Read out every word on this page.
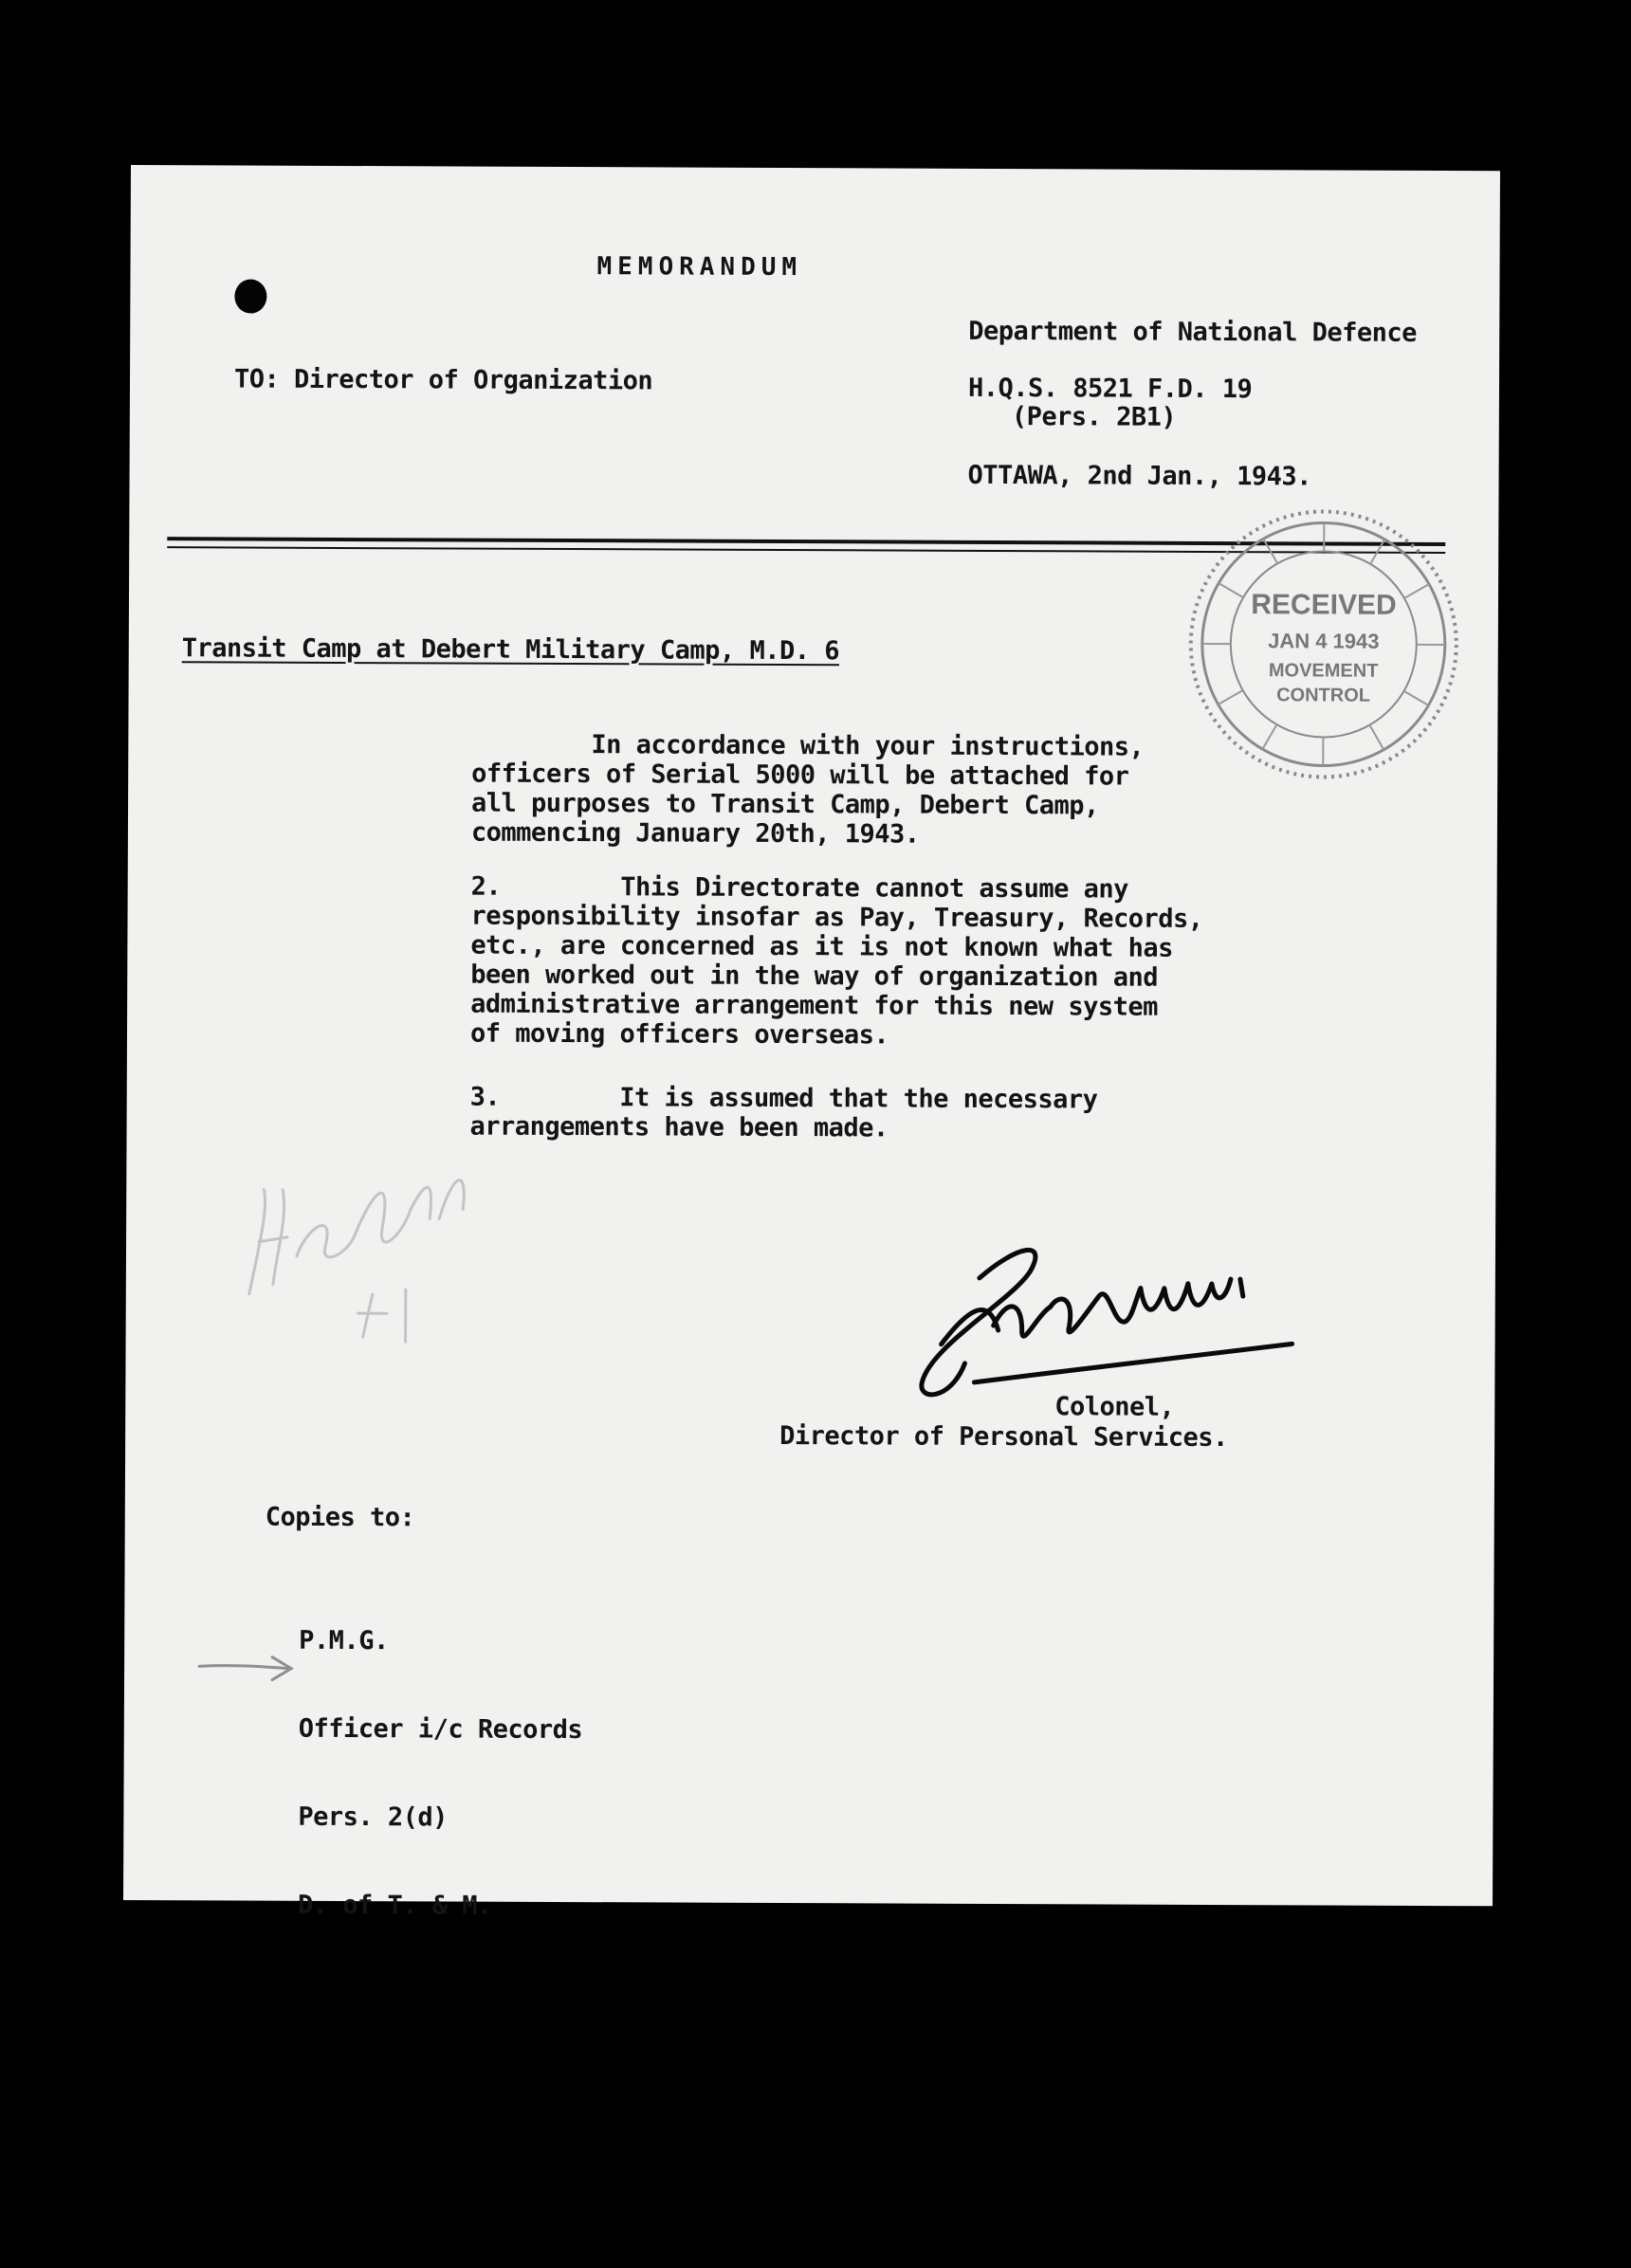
MEMORANDUM
TO: Director of Organization
Department of National Defence
H.Q.S. 8521 F.D. 19
(Pers. 2B1)
OTTAWA, 2nd Jan., 1943.
RECEIVED
JAN 4 1943
MOVEMENT
CONTROL
Transit Camp at Debert Military Camp, M.D. 6
In accordance with your instructions,
officers of Serial 5000 will be attached for
all purposes to Transit Camp, Debert Camp,
commencing January 20th, 1943.
2.        This Directorate cannot assume any
responsibility insofar as Pay, Treasury, Records,
etc., are concerned as it is not known what has
been worked out in the way of organization and
administrative arrangement for this new system
of moving officers overseas.
3.        It is assumed that the necessary
arrangements have been made.
Colonel,
Director of Personal Services.
Copies to:

P.M.G.

Officer i/c Records

Pers. 2(d)

D. of T. & M.
